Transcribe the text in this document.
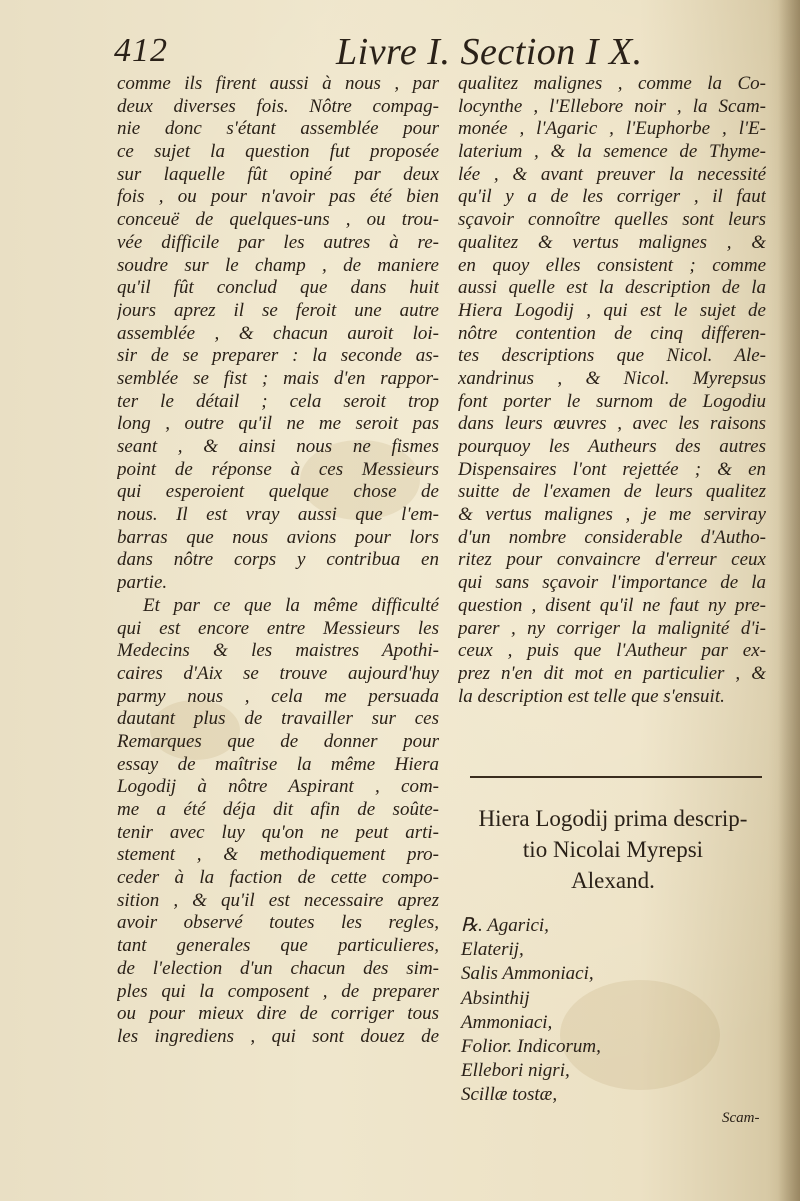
412	Livre I. Section I X.
comme ils firent aussi à nous , par
deux diverses fois. Nôtre compag-
nie donc s'étant assemblée pour
ce sujet la question fut proposée
sur laquelle fût opiné par deux
fois , ou pour n'avoir pas été bien
conceuë de quelques-uns , ou trou-
vée difficile par les autres à re-
soudre sur le champ , de maniere
qu'il fût conclud que dans huit
jours aprez il se feroit une autre
assemblée , & chacun auroit loi-
sir de se preparer : la seconde as-
semblée se fist ; mais d'en rappor-
ter le détail ; cela seroit trop
long , outre qu'il ne me seroit pas
seant , & ainsi nous ne fismes
point de réponse à ces Messieurs
qui esperoient quelque chose de
nous. Il est vray aussi que l'em-
barras que nous avions pour lors
dans nôtre corps y contribua en
partie.
Et par ce que la même difficulté
qui est encore entre Messieurs les
Medecins & les maistres Apothi-
caires d'Aix se trouve aujourd'huy
parmy nous , cela me persuada
dautant plus de travailler sur ces
Remarques que de donner pour
essay de maîtrise la même Hiera
Logodij à nôtre Aspirant , com-
me a été déja dit afin de soûte-
tenir avec luy qu'on ne peut arti-
stement , & methodiquement pro-
ceder à la faction de cette compo-
sition , & qu'il est necessaire aprez
avoir observé toutes les regles,
tant generales que particulieres,
de l'election d'un chacun des sim-
ples qui la composent , de preparer
ou pour mieux dire de corriger tous
les ingrediens , qui sont douez de
qualitez malignes , comme la Co-
locynthe , l'Ellebore noir , la Scam-
monée , l'Agaric , l'Euphorbe , l'E-
laterium , & la semence de Thyme-
lée , & avant preuver la necessité
qu'il y a de les corriger , il faut
sçavoir connoître quelles sont leurs
qualitez & vertus malignes , &
en quoy elles consistent ; comme
aussi quelle est la description de la
Hiera Logodij , qui est le sujet de
nôtre contention de cinq differen-
tes descriptions que Nicol. Ale-
xandrinus , & Nicol. Myrepsus
font porter le surnom de Logodiu
dans leurs œuvres , avec les raisons
pourquoy les Autheurs des autres
Dispensaires l'ont rejettée ; & en
suitte de l'examen de leurs qualitez
& vertus malignes , je me serviray
d'un nombre considerable d'Autho-
ritez pour convaincre d'erreur ceux
qui sans sçavoir l'importance de la
question , disent qu'il ne faut ny pre-
parer , ny corriger la malignité d'i-
ceux , puis que l'Autheur par ex-
prez n'en dit mot en particulier , &
la description est telle que s'ensuit.
Hiera Logodij prima descrip-
tio Nicolai Myrepsi
Alexand.
℞. Agarici,
Elaterij,
Salis Ammoniaci,
Absinthij
Ammoniaci,
Folior. Indicorum,
Ellebori nigri,
Scillæ tostæ,
Scam-
